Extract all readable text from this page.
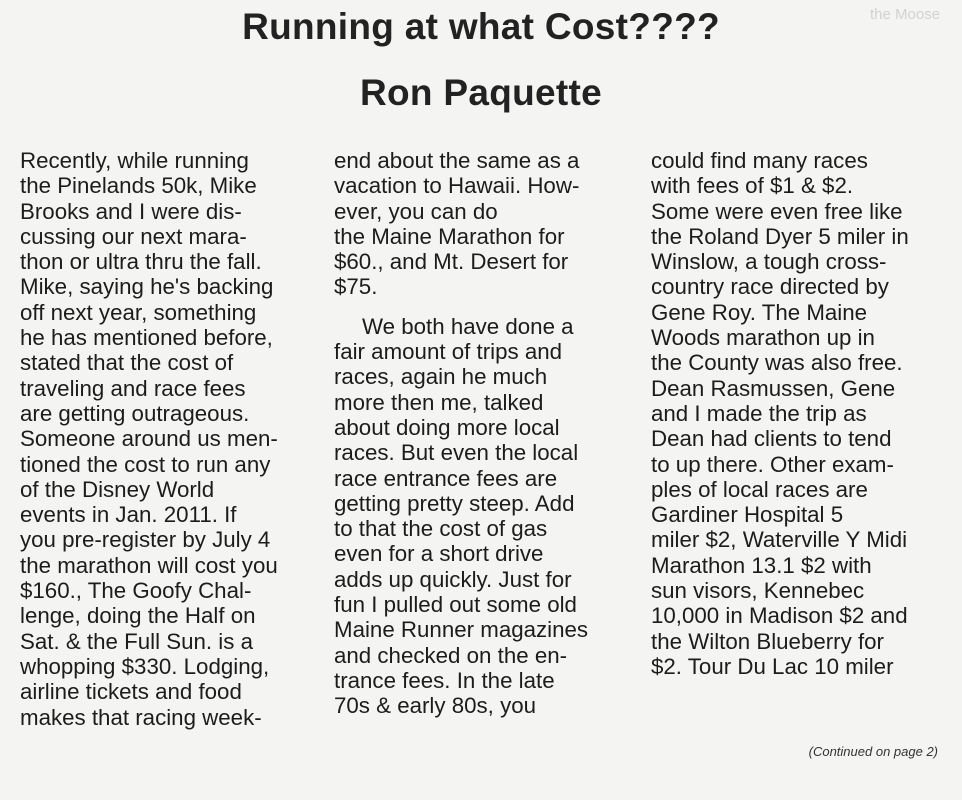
the Moose
Running at what Cost????
Ron Paquette
Recently, while running
the Pinelands 50k, Mike
Brooks and I were dis-
cussing our next mara-
thon or ultra thru the fall.
Mike, saying he's backing
off next year, something
he has mentioned before,
stated that the cost of
traveling and race fees
are getting outrageous.
Someone around us men-
tioned the cost to run any
of the Disney World
events in Jan. 2011. If
you pre-register by July 4
the marathon will cost you
$160., The Goofy Chal-
lenge, doing the Half on
Sat. & the Full Sun. is a
whopping $330. Lodging,
airline tickets and food
makes that racing week-
end about the same as a
vacation to Hawaii. How-
ever, you can do
the Maine Marathon for
$60., and Mt. Desert for
$75.
We both have done a
fair amount of trips and
races, again he much
more then me, talked
about doing more local
races. But even the local
race entrance fees are
getting pretty steep. Add
to that the cost of gas
even for a short drive
adds up quickly. Just for
fun I pulled out some old
Maine Runner magazines
and checked on the en-
trance fees. In the late
70s & early 80s, you
could find many races
with fees of $1 & $2.
Some were even free like
the Roland Dyer 5 miler in
Winslow, a tough cross-
country race directed by
Gene Roy. The Maine
Woods marathon up in
the County was also free.
Dean Rasmussen, Gene
and I made the trip as
Dean had clients to tend
to up there. Other exam-
ples of local races are
Gardiner Hospital 5
miler $2, Waterville Y Midi
Marathon 13.1 $2 with
sun visors, Kennebec
10,000 in Madison $2 and
the Wilton Blueberry for
$2. Tour Du Lac 10 miler
(Continued on page 2)
